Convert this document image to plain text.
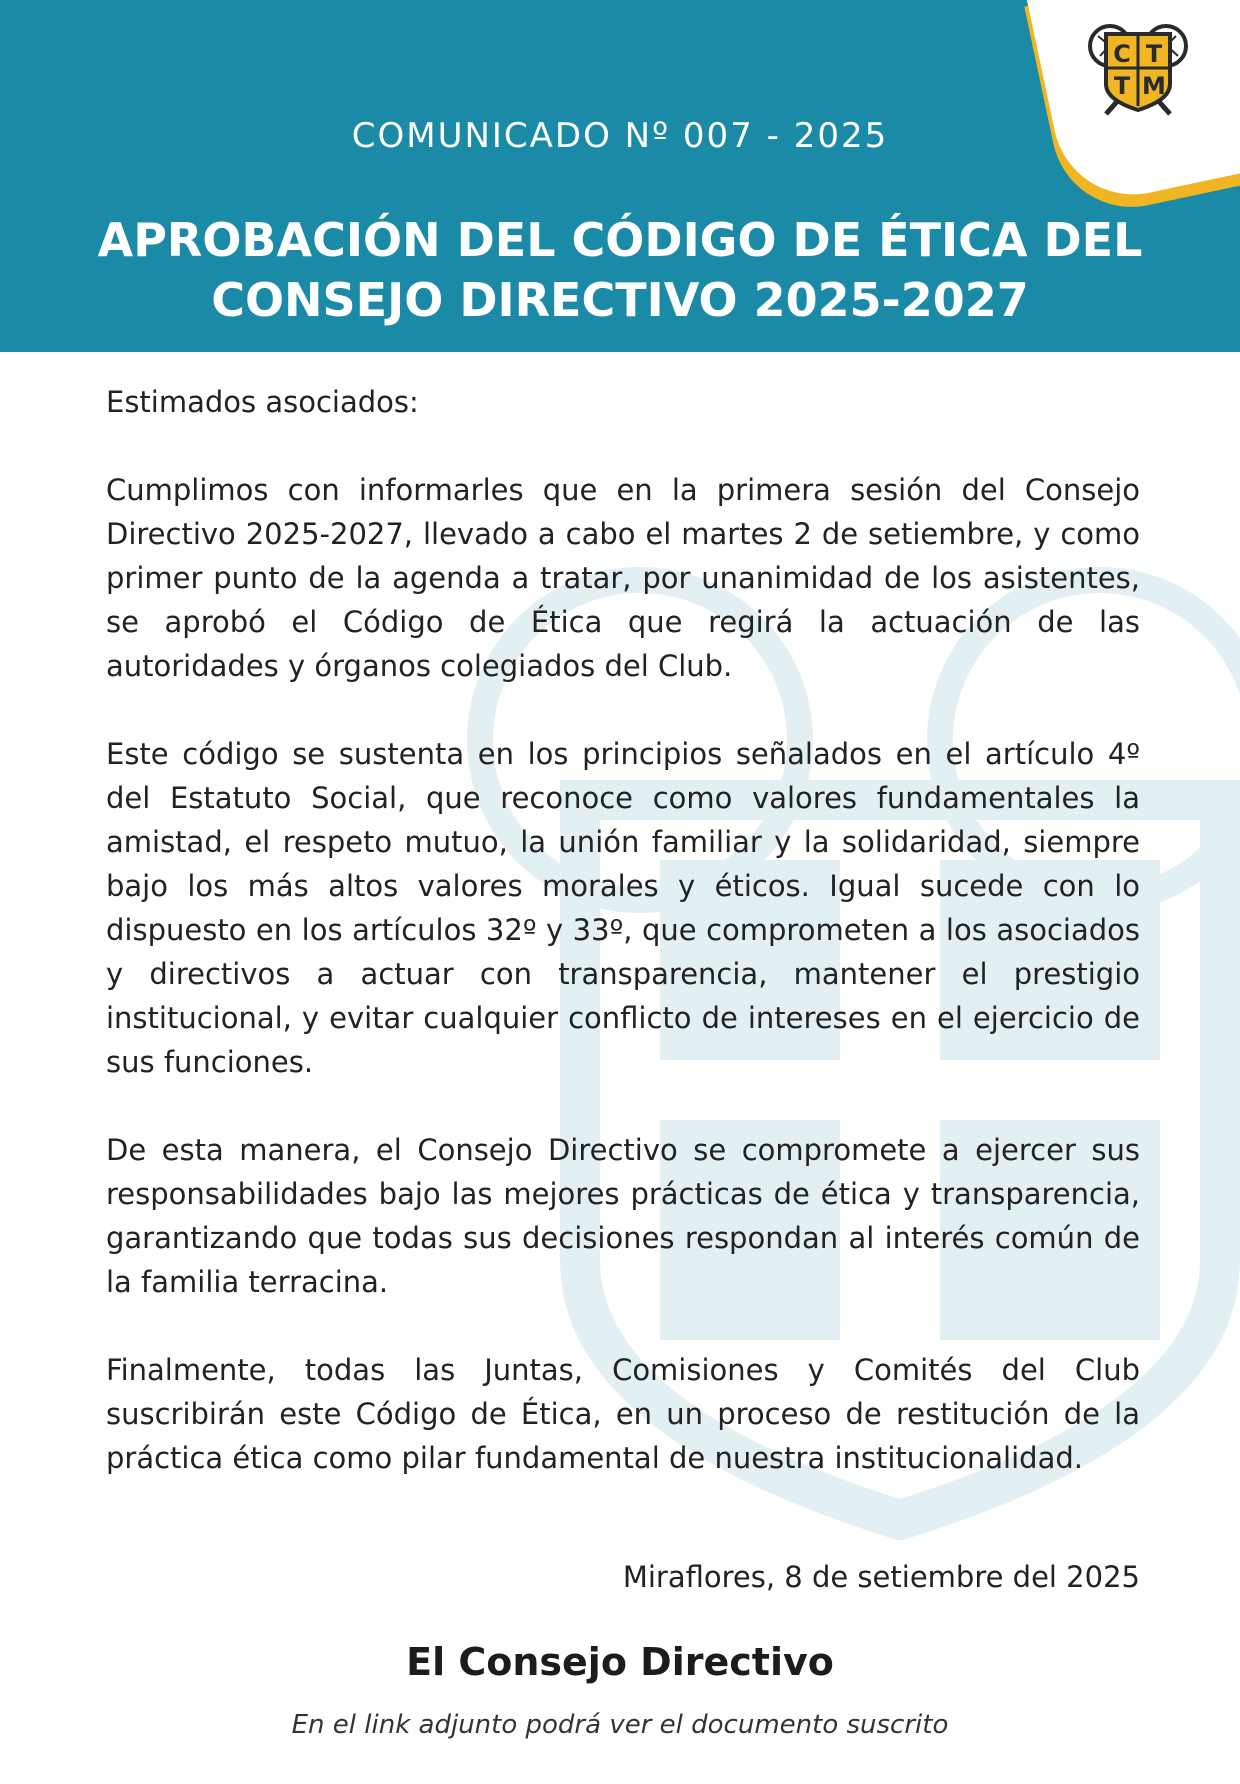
C T
T M
COMUNICADO Nº 007 - 2025
APROBACIÓN DEL CÓDIGO DE ÉTICA DEL CONSEJO DIRECTIVO 2025-2027

Estimados asociados:

Cumplimos con informarles que en la primera sesión del Consejo Directivo 2025-2027, llevado a cabo el martes 2 de setiembre, y como primer punto de la agenda a tratar, por unanimidad de los asistentes, se aprobó el Código de Ética que regirá la actuación de las autoridades y órganos colegiados del Club.

Este código se sustenta en los principios señalados en el artículo 4º del Estatuto Social, que reconoce como valores fundamentales la amistad, el respeto mutuo, la unión familiar y la solidaridad, siempre bajo los más altos valores morales y éticos. Igual sucede con lo dispuesto en los artículos 32º y 33º, que comprometen a los asociados y directivos a actuar con transparencia, mantener el prestigio institucional, y evitar cualquier conflicto de intereses en el ejercicio de sus funciones.

De esta manera, el Consejo Directivo se compromete a ejercer sus responsabilidades bajo las mejores prácticas de ética y transparencia, garantizando que todas sus decisiones respondan al interés común de la familia terracina.

Finalmente, todas las Juntas, Comisiones y Comités del Club suscribirán este Código de Ética, en un proceso de restitución de la práctica ética como pilar fundamental de nuestra institucionalidad.

Miraflores, 8 de setiembre del 2025
El Consejo Directivo
En el link adjunto podrá ver el documento suscrito
